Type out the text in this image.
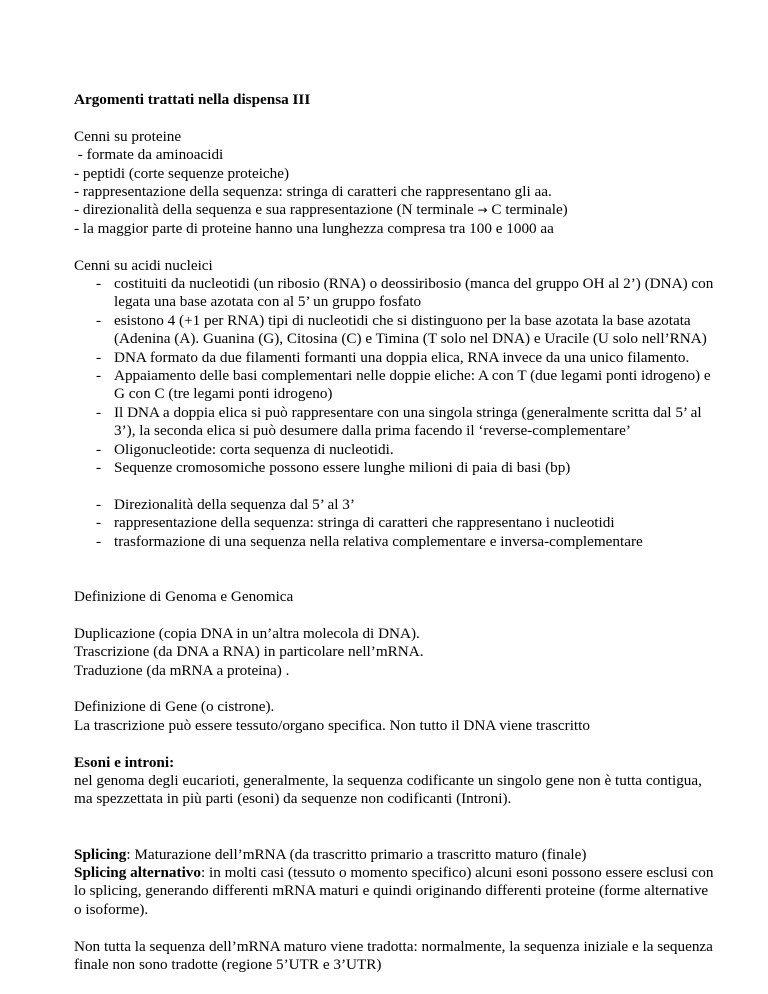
Argomenti trattati nella dispensa III

Cenni su proteine

- formate da aminoacidi

- peptidi (corte sequenze proteiche)

- rappresentazione della sequenza: stringa di caratteri che rappresentano gli aa.

- direzionalità della sequenza e sua rappresentazione (N terminale → C terminale)

- la maggior parte di proteine hanno una lunghezza compresa tra 100 e 1000 aa

Cenni su acidi nucleici

- costituiti da nucleotidi (un ribosio (RNA) o deossiribosio (manca del gruppo OH al 2’) (DNA) con legata una base azotata con al 5’ un gruppo fosfato
- esistono 4 (+1 per RNA) tipi di nucleotidi che si distinguono per la base azotata la base azotata (Adenina (A). Guanina (G), Citosina (C) e Timina (T solo nel DNA) e Uracile (U solo nell’RNA)
- DNA formato da due filamenti formanti una doppia elica, RNA invece da una unico filamento.
- Appaiamento delle basi complementari nelle doppie eliche: A con T (due legami ponti idrogeno) e G con C (tre legami ponti idrogeno)
- Il DNA a doppia elica si può rappresentare con una singola stringa (generalmente scritta dal 5’ al 3’), la seconda elica si può desumere dalla prima facendo il ‘reverse-complementare’
- Oligonucleotide: corta sequenza di nucleotidi.
- Sequenze cromosomiche possono essere lunghe milioni di paia di basi (bp)
- Direzionalità della sequenza dal 5’ al 3’
- rappresentazione della sequenza: stringa di caratteri che rappresentano i nucleotidi
- trasformazione di una sequenza nella relativa complementare e inversa-complementare

Definizione di Genoma e Genomica

Duplicazione (copia DNA in un’altra molecola di DNA).

Trascrizione (da DNA a RNA) in particolare nell’mRNA.

Traduzione (da mRNA a proteina) .

Definizione di Gene (o cistrone).

La trascrizione può essere tessuto/organo specifica. Non tutto il DNA viene trascritto

Esoni e introni:

nel genoma degli eucarioti, generalmente, la sequenza codificante un singolo gene non è tutta contigua, ma spezzettata in più parti (esoni) da sequenze non codificanti (Introni).

Splicing: Maturazione dell’mRNA (da trascritto primario a trascritto maturo (finale)

Splicing alternativo: in molti casi (tessuto o momento specifico) alcuni esoni possono essere esclusi con lo splicing, generando differenti mRNA maturi e quindi originando differenti proteine (forme alternative o isoforme).

Non tutta la sequenza dell’mRNA maturo viene tradotta: normalmente, la sequenza iniziale e la sequenza finale non sono tradotte (regione 5’UTR e 3’UTR)
